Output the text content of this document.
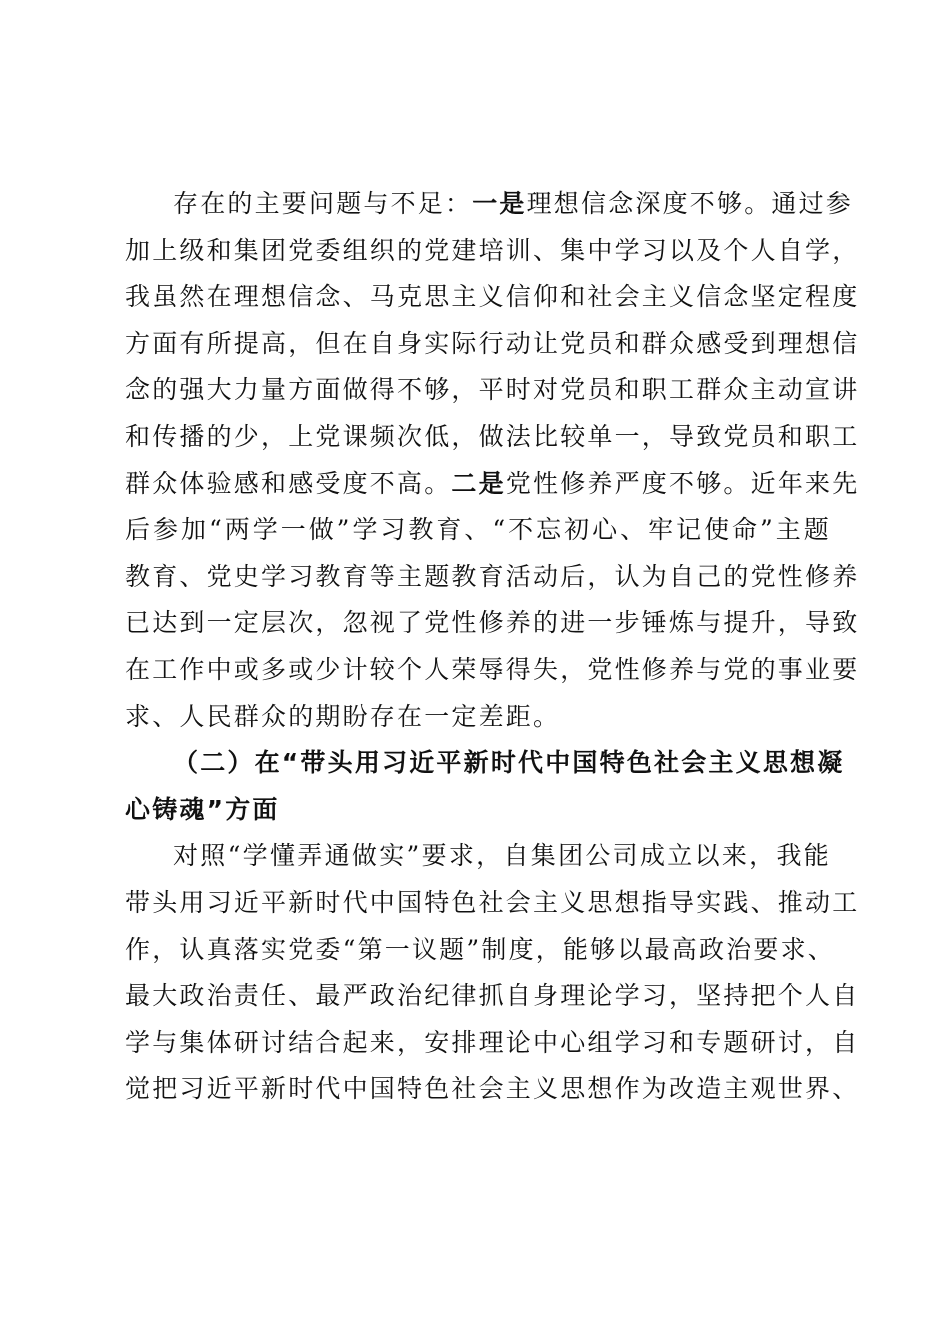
存在的主要问题与不足：一是理想信念深度不够。通过参
加上级和集团党委组织的党建培训、集中学习以及个人自学，
我虽然在理想信念、马克思主义信仰和社会主义信念坚定程度
方面有所提高，但在自身实际行动让党员和群众感受到理想信
念的强大力量方面做得不够，平时对党员和职工群众主动宣讲
和传播的少，上党课频次低，做法比较单一，导致党员和职工
群众体验感和感受度不高。二是党性修养严度不够。近年来先
后参加“两学一做”学习教育、“不忘初心、牢记使命”主题
教育、党史学习教育等主题教育活动后，认为自己的党性修养
已达到一定层次，忽视了党性修养的进一步锤炼与提升，导致
在工作中或多或少计较个人荣辱得失，党性修养与党的事业要
求、人民群众的期盼存在一定差距。
（二）在“带头用习近平新时代中国特色社会主义思想凝
心铸魂”方面
对照“学懂弄通做实”要求，自集团公司成立以来，我能
带头用习近平新时代中国特色社会主义思想指导实践、推动工
作，认真落实党委“第一议题”制度，能够以最高政治要求、
最大政治责任、最严政治纪律抓自身理论学习，坚持把个人自
学与集体研讨结合起来，安排理论中心组学习和专题研讨，自
觉把习近平新时代中国特色社会主义思想作为改造主观世界、
